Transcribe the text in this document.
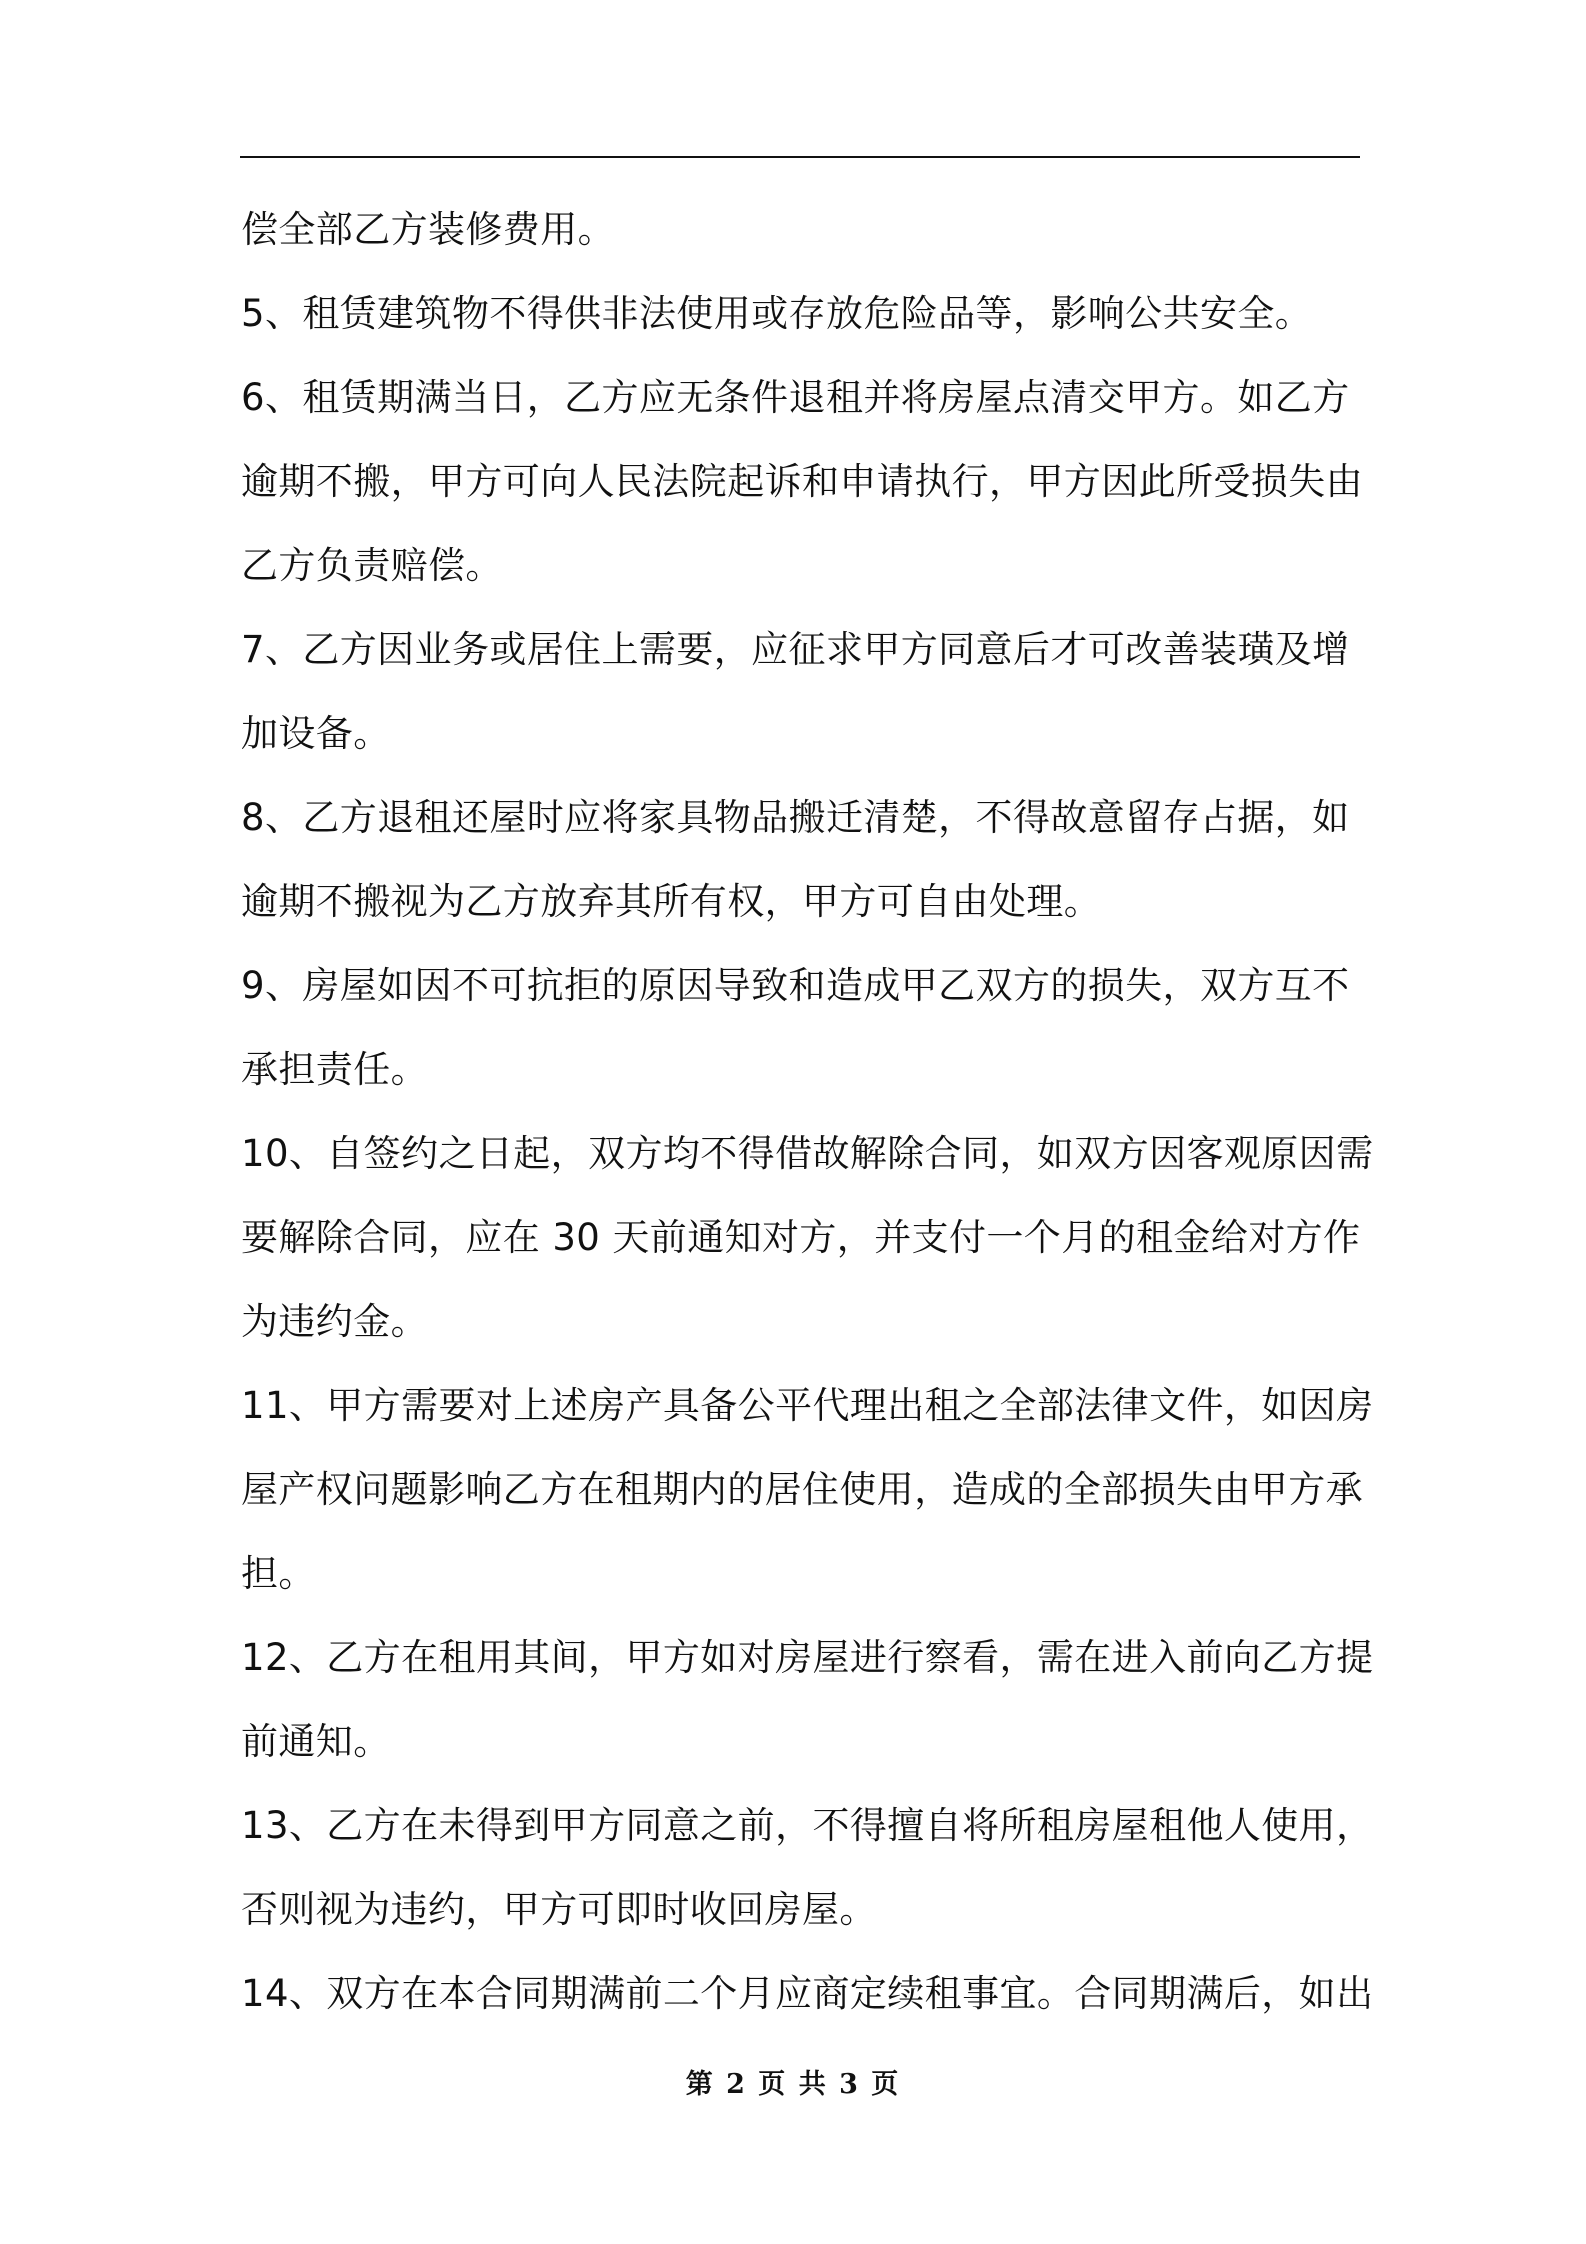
偿全部乙方装修费用。
5、租赁建筑物不得供非法使用或存放危险品等，影响公共安全。
6、租赁期满当日，乙方应无条件退租并将房屋点清交甲方。如乙方
逾期不搬，甲方可向人民法院起诉和申请执行，甲方因此所受损失由
乙方负责赔偿。
7、乙方因业务或居住上需要，应征求甲方同意后才可改善装璜及增
加设备。
8、乙方退租还屋时应将家具物品搬迁清楚，不得故意留存占据，如
逾期不搬视为乙方放弃其所有权，甲方可自由处理。
9、房屋如因不可抗拒的原因导致和造成甲乙双方的损失，双方互不
承担责任。
10、自签约之日起，双方均不得借故解除合同，如双方因客观原因需
要解除合同，应在 30 天前通知对方，并支付一个月的租金给对方作
为违约金。
11、甲方需要对上述房产具备公平代理出租之全部法律文件，如因房
屋产权问题影响乙方在租期内的居住使用，造成的全部损失由甲方承
担。
12、乙方在租用其间，甲方如对房屋进行察看，需在进入前向乙方提
前通知。
13、乙方在未得到甲方同意之前，不得擅自将所租房屋租他人使用，
否则视为违约，甲方可即时收回房屋。
14、双方在本合同期满前二个月应商定续租事宜。合同期满后，如出
第 2 页 共 3 页
